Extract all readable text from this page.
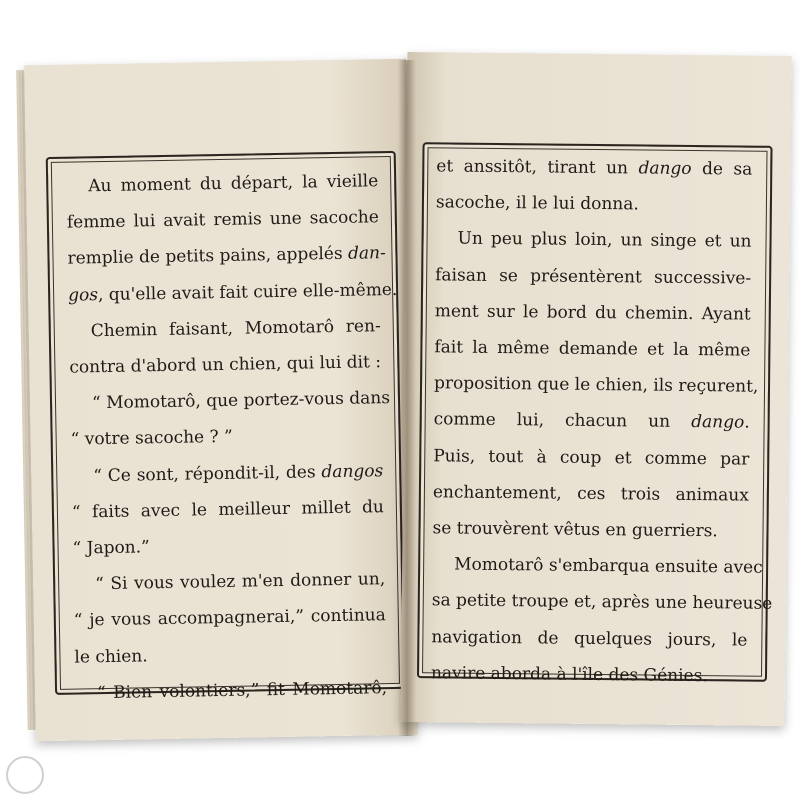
Au moment du départ, la vieille
femme lui avait remis une sacoche
remplie de petits pains, appelés dan-
gos, qu'elle avait fait cuire elle-même.
Chemin faisant, Momotarô ren-
contra d'abord un chien, qui lui dit :
“ Momotarô, que portez-vous dans
“ votre sacoche ? ”
“ Ce sont, répondit-il, des dangos
“ faits avec le meilleur millet du
“ Japon.”
“ Si vous voulez m'en donner un,
“ je vous accompagnerai,” continua
le chien.
“ Bien volontiers,” fit Momotarô,
et anssitôt, tirant un dango de sa
sacoche, il le lui donna.
Un peu plus loin, un singe et un
faisan se présentèrent successive-
ment sur le bord du chemin. Ayant
fait la même demande et la même
proposition que le chien, ils reçurent,
comme lui, chacun un dango.
Puis, tout à coup et comme par
enchantement, ces trois animaux
se trouvèrent vêtus en guerriers.
Momotarô s'embarqua ensuite avec
sa petite troupe et, après une heureuse
navigation de quelques jours, le
navire aborda à l'île des Génies.
